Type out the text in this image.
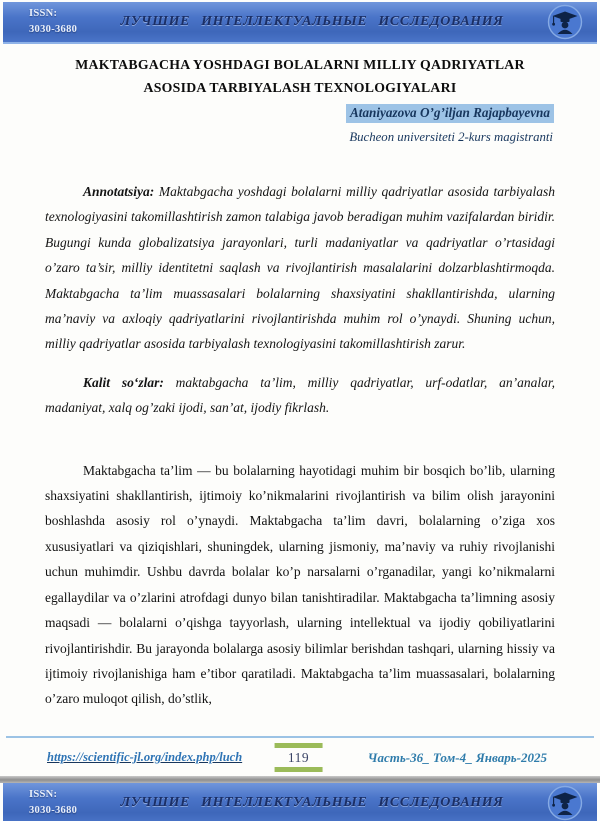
ISSN:
3030-3680
ЛУЧШИЕ ИНТЕЛЛЕКТУАЛЬНЫЕ ИССЛЕДОВАНИЯ
MAKTABGACHA YOSHDAGI BOLALARNI MILLIY QADRIYATLAR
ASOSIDA TARBIYALASH TEXNOLOGIYALARI
Ataniyazova O’g’iljan Rajapbayevna
Bucheon universiteti 2-kurs magistranti

Annotatsiya: Maktabgacha yoshdagi bolalarni milliy qadriyatlar asosida tarbiyalash texnologiyasini takomillashtirish zamon talabiga javob beradigan muhim vazifalardan biridir. Bugungi kunda globalizatsiya jarayonlari, turli madaniyatlar va qadriyatlar o’rtasidagi o’zaro ta’sir, milliy identitetni saqlash va rivojlantirish masalalarini dolzarblashtirmoqda. Maktabgacha ta’lim muassasalari bolalarning shaxsiyatini shakllantirishda, ularning ma’naviy va axloqiy qadriyatlarini rivojlantirishda muhim rol o’ynaydi. Shuning uchun, milliy qadriyatlar asosida tarbiyalash texnologiyasini takomillashtirish zarur.

Kalit so‘zlar: maktabgacha ta’lim, milliy qadriyatlar, urf-odatlar, an’analar, madaniyat, xalq og’zaki ijodi, san’at, ijodiy fikrlash.

Maktabgacha ta’lim — bu bolalarning hayotidagi muhim bir bosqich bo’lib, ularning shaxsiyatini shakllantirish, ijtimoiy ko’nikmalarini rivojlantirish va bilim olish jarayonini boshlashda asosiy rol o’ynaydi. Maktabgacha ta’lim davri, bolalarning o’ziga xos xususiyatlari va qiziqishlari, shuningdek, ularning jismoniy, ma’naviy va ruhiy rivojlanishi uchun muhimdir. Ushbu davrda bolalar ko’p narsalarni o’rganadilar, yangi ko’nikmalarni egallaydilar va o’zlarini atrofdagi dunyo bilan tanishtiradilar. Maktabgacha ta’limning asosiy maqsadi — bolalarni o’qishga tayyorlash, ularning intellektual va ijodiy qobiliyatlarini rivojlantirishdir. Bu jarayonda bolalarga asosiy bilimlar berishdan tashqari, ularning hissiy va ijtimoiy rivojlanishiga ham e’tibor qaratiladi. Maktabgacha ta’lim muassasalari, bolalarning o’zaro muloqot qilish, do’stlik,

https://scientific-jl.org/index.php/luch	119	Часть-36_ Том-4_ Январь-2025
ISSN:
3030-3680
ЛУЧШИЕ ИНТЕЛЛЕКТУАЛЬНЫЕ ИССЛЕДОВАНИЯ
